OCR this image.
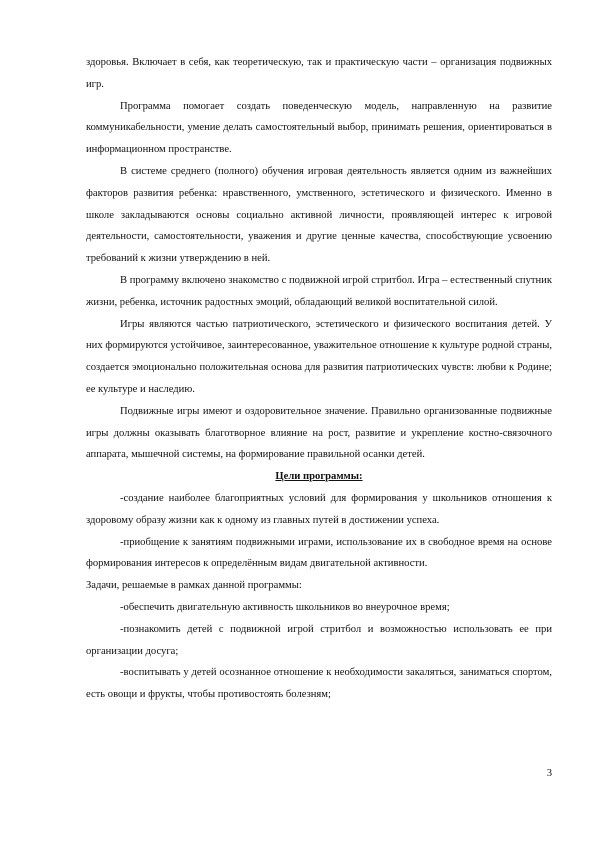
здоровья. Включает в себя, как теоретическую, так и практическую части – организация подвижных игр.

Программа помогает создать поведенческую модель, направленную на развитие коммуникабельности, умение делать самостоятельный выбор, принимать решения, ориентироваться в информационном пространстве.

В системе среднего (полного) обучения игровая деятельность является одним из важнейших факторов развития ребенка: нравственного, умственного, эстетического и физического. Именно в школе закладываются основы социально активной личности, проявляющей интерес к игровой деятельности, самостоятельности, уважения и другие ценные качества, способствующие усвоению требований к жизни утверждению в ней.

В программу включено знакомство с подвижной игрой стритбол. Игра – естественный спутник жизни, ребенка, источник радостных эмоций, обладающий великой воспитательной силой.

Игры являются частью патриотического, эстетического и физического воспитания детей. У них формируются устойчивое, заинтересованное, уважительное отношение к культуре родной страны, создается эмоционально положительная основа для развития патриотических чувств: любви к Родине; ее культуре и наследию.

Подвижные игры имеют и оздоровительное значение. Правильно организованные подвижные игры должны оказывать благотворное влияние на рост, развитие и укрепление костно-связочного аппарата, мышечной системы, на формирование правильной осанки детей.

Цели программы:

-создание наиболее благоприятных условий для формирования у школьников отношения к здоровому образу жизни как к одному из главных путей в достижении успеха.

-приобщение к занятиям подвижными играми, использование их в свободное время на основе формирования интересов к определённым видам двигательной активности.

Задачи, решаемые в рамках данной программы:

-обеспечить двигательную активность школьников во внеурочное время;

-познакомить детей с подвижной игрой стритбол и возможностью использовать ее при организации досуга;

-воспитывать у детей осознанное отношение к необходимости закаляться, заниматься спортом, есть овощи и фрукты, чтобы противостоять болезням;

3
